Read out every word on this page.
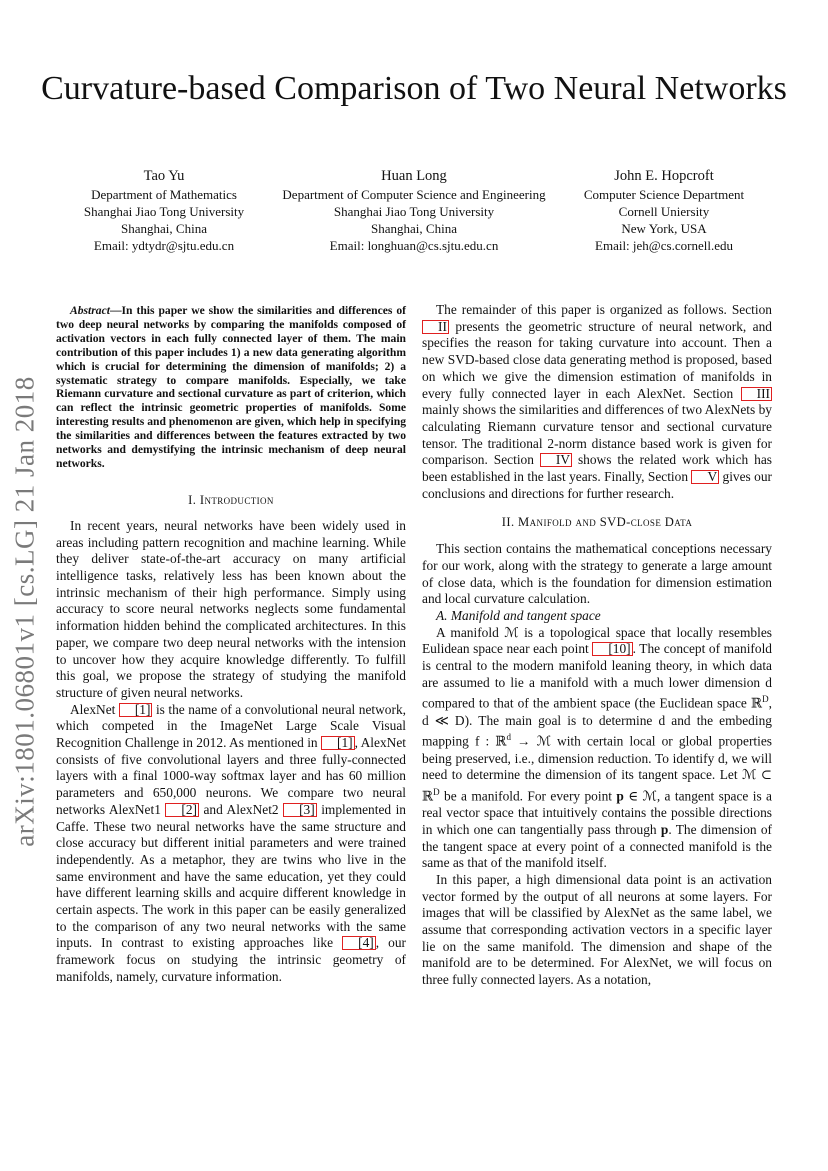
arXiv:1801.06801v1 [cs.LG] 21 Jan 2018
Curvature-based Comparison of Two Neural Networks
Tao Yu
Department of Mathematics
Shanghai Jiao Tong University
Shanghai, China
Email: ydtydr@sjtu.edu.cn
Huan Long
Department of Computer Science and Engineering
Shanghai Jiao Tong University
Shanghai, China
Email: longhuan@cs.sjtu.edu.cn
John E. Hopcroft
Computer Science Department
Cornell Uniersity
New York, USA
Email: jeh@cs.cornell.edu

Abstract—In this paper we show the similarities and differences of two deep neural networks by comparing the manifolds composed of activation vectors in each fully connected layer of them. The main contribution of this paper includes 1) a new data generating algorithm which is crucial for determining the dimension of manifolds; 2) a systematic strategy to compare manifolds. Especially, we take Riemann curvature and sectional curvature as part of criterion, which can reflect the intrinsic geometric properties of manifolds. Some interesting results and phenomenon are given, which help in specifying the similarities and differences between the features extracted by two networks and demystifying the intrinsic mechanism of deep neural networks.

I. Introduction

In recent years, neural networks have been widely used in areas including pattern recognition and machine learning. While they deliver state-of-the-art accuracy on many artificial intelligence tasks, relatively less has been known about the intrinsic mechanism of their high performance. Simply using accuracy to score neural networks neglects some fundamental information hidden behind the complicated architectures. In this paper, we compare two deep neural networks with the intension to uncover how they acquire knowledge differently. To fulfill this goal, we propose the strategy of studying the manifold structure of given neural networks.

AlexNet [1] is the name of a convolutional neural network, which competed in the ImageNet Large Scale Visual Recognition Challenge in 2012. As mentioned in [1] , AlexNet consists of five convolutional layers and three fully-connected layers with a final 1000-way softmax layer and has 60 million parameters and 650,000 neurons. We compare two neural networks AlexNet1 [2] and AlexNet2 [3] implemented in Caffe. These two neural networks have the same structure and close accuracy but different initial parameters and were trained independently. As a metaphor, they are twins who live in the same environment and have the same education, yet they could have different learning skills and acquire different knowledge in certain aspects. The work in this paper can be easily generalized to the comparison of any two neural networks with the same inputs. In contrast to existing approaches like [4] , our framework focus on studying the intrinsic geometry of manifolds, namely, curvature information.

The remainder of this paper is organized as follows. Section II presents the geometric structure of neural network, and specifies the reason for taking curvature into account. Then a new SVD-based close data generating method is proposed, based on which we give the dimension estimation of manifolds in every fully connected layer in each AlexNet. Section III mainly shows the similarities and differences of two AlexNets by calculating Riemann curvature tensor and sectional curvature tensor. The traditional 2-norm distance based work is given for comparison. Section IV shows the related work which has been established in the last years. Finally, Section V gives our conclusions and directions for further research.

II. Manifold and SVD-close Data

This section contains the mathematical conceptions necessary for our work, along with the strategy to generate a large amount of close data, which is the foundation for dimension estimation and local curvature calculation.

A. Manifold and tangent space

A manifold ℳ is a topological space that locally resembles Eulidean space near each point [10] . The concept of manifold is central to the modern manifold leaning theory, in which data are assumed to lie a manifold with a much lower dimension d compared to that of the ambient space (the Euclidean space ℝ$^D$, d ≪ D). The main goal is to determine d and the embeding mapping f : ℝ$^d$ → ℳ with certain local or global properties being preserved, i.e., dimension reduction. To identify d, we will need to determine the dimension of its tangent space. Let ℳ ⊂ ℝ$^D$ be a manifold. For every point p ∈ ℳ, a tangent space is a real vector space that intuitively contains the possible directions in which one can tangentially pass through p. The dimension of the tangent space at every point of a connected manifold is the same as that of the manifold itself.

In this paper, a high dimensional data point is an activation vector formed by the output of all neurons at some layers. For images that will be classified by AlexNet as the same label, we assume that corresponding activation vectors in a specific layer lie on the same manifold. The dimension and shape of the manifold are to be determined. For AlexNet, we will focus on three fully connected layers. As a notation,
